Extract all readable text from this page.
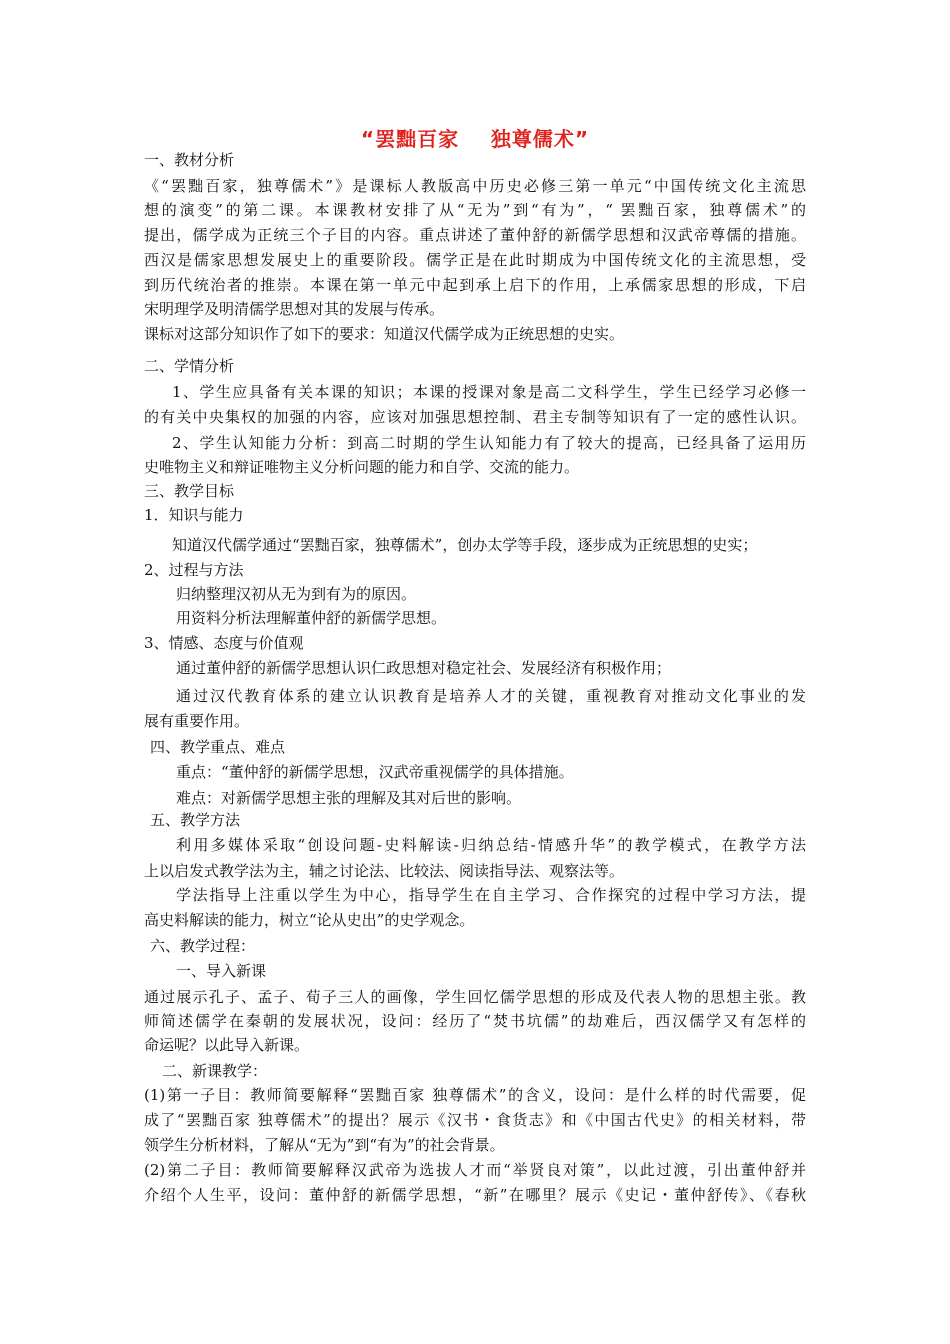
“罢黜百家    独尊儒术”
一、教材分析
《“罢黜百家，独尊儒术”》是课标人教版高中历史必修三第一单元“中国传统文化主流思
想的演变”的第二课。本课教材安排了从“无为”到“有为”，“ 罢黜百家，独尊儒术”的
提出，儒学成为正统三个子目的内容。重点讲述了董仲舒的新儒学思想和汉武帝尊儒的措施。
西汉是儒家思想发展史上的重要阶段。儒学正是在此时期成为中国传统文化的主流思想，受
到历代统治者的推崇。本课在第一单元中起到承上启下的作用，上承儒家思想的形成，下启
宋明理学及明清儒学思想对其的发展与传承。
课标对这部分知识作了如下的要求：知道汉代儒学成为正统思想的史实。
二、学情分析
1、学生应具备有关本课的知识；本课的授课对象是高二文科学生，学生已经学习必修一
的有关中央集权的加强的内容，应该对加强思想控制、君主专制等知识有了一定的感性认识。
2、学生认知能力分析：到高二时期的学生认知能力有了较大的提高，已经具备了运用历
史唯物主义和辩证唯物主义分析问题的能力和自学、交流的能力。
三、教学目标
1．知识与能力
知道汉代儒学通过“罢黜百家，独尊儒术”，创办太学等手段，逐步成为正统思想的史实；
2、过程与方法
归纳整理汉初从无为到有为的原因。
用资料分析法理解董仲舒的新儒学思想。
3、情感、态度与价值观
通过董仲舒的新儒学思想认识仁政思想对稳定社会、发展经济有积极作用；
通过汉代教育体系的建立认识教育是培养人才的关键，重视教育对推动文化事业的发
展有重要作用。
四、教学重点、难点
重点：“董仲舒的新儒学思想，汉武帝重视儒学的具体措施。
难点：对新儒学思想主张的理解及其对后世的影响。
五、教学方法
利用多媒体采取“创设问题-史料解读-归纳总结-情感升华”的教学模式，在教学方法
上以启发式教学法为主，辅之讨论法、比较法、阅读指导法、观察法等。
学法指导上注重以学生为中心，指导学生在自主学习、合作探究的过程中学习方法，提
高史料解读的能力，树立“论从史出”的史学观念。
六、教学过程：
一、导入新课
通过展示孔子、孟子、荀子三人的画像，学生回忆儒学思想的形成及代表人物的思想主张。教
师简述儒学在秦朝的发展状况，设问：经历了“焚书坑儒”的劫难后，西汉儒学又有怎样的
命运呢？以此导入新课。
二、新课教学：
(1)第一子目：教师简要解释“罢黜百家 独尊儒术”的含义，设问：是什么样的时代需要，促
成了“罢黜百家 独尊儒术”的提出？展示《汉书・食货志》和《中国古代史》的相关材料，带
领学生分析材料，了解从“无为”到“有为”的社会背景。
(2)第二子目：教师简要解释汉武帝为选拔人才而“举贤良对策”，以此过渡，引出董仲舒并
介绍个人生平，设问：董仲舒的新儒学思想，“新”在哪里？展示《史记・董仲舒传》、《春秋
